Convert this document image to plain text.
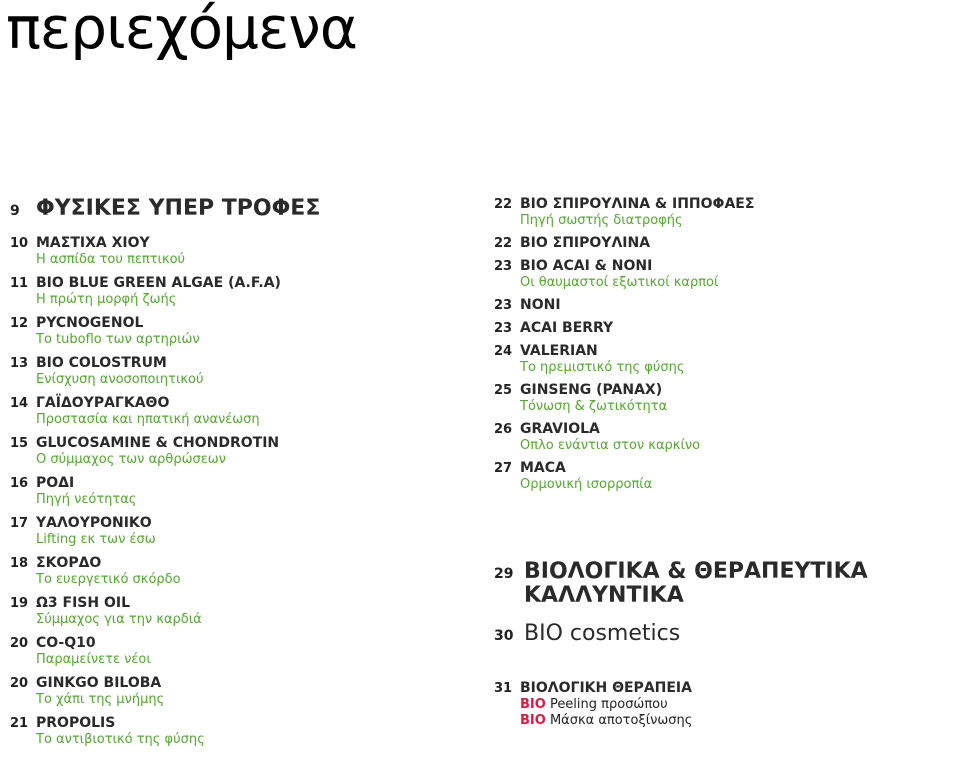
περιεχόμενα
9 ΦΥΣΙΚΕΣ ΥΠΕΡ ΤΡΟΦΕΣ
10 ΜΑΣΤΙΧΑ ΧΙΟΥ
Η ασπίδα του πεπτικού
11 BIO BLUE GREEN ALGAE (A.F.A)
Η πρώτη μορφή ζωής
12 PYCNOGENOL
Το tuboflo των αρτηριών
13 BIO COLOSTRUM
Ενίσχυση ανοσοποιητικού
14 ΓΑΪΔΟΥΡΑΓΚΑΘΟ
Προστασία και ηπατική ανανέωση
15 GLUCOSAMINE & CHONDROTIN
Ο σύμμαχος των αρθρώσεων
16 ΡΟΔΙ
Πηγή νεότητας
17 ΥΑΛΟΥΡΟΝΙΚΟ
Lifting εκ των έσω
18 ΣΚΟΡΔΟ
Το ευεργετικό σκόρδο
19 Ω3 FISH OIL
Σύμμαχος για την καρδιά
20 CO-Q10
Παραμείνετε νέοι
20 GINKGO BILOBA
Το χάπι της μνήμης
21 PROPOLIS
Το αντιβιοτικό της φύσης
22 BIO ΣΠΙΡΟΥΛΙΝΑ & ΙΠΠΟΦΑΕΣ
Πηγή σωστής διατροφής
22 BIO ΣΠΙΡΟΥΛΙΝΑ
23 BIO ACAI & NONI
Οι θαυμαστοί εξωτικοί καρποί
23 NONI
23 ACAI BERRY
24 VALERIAN
Το ηρεμιστικό της φύσης
25 GINSENG (PANAX)
Τόνωση & ζωτικότητα
26 GRAVIOLA
Οπλο ενάντια στον καρκίνο
27 MACA
Ορμονική ισορροπία
29 ΒΙΟΛΟΓΙΚΑ & ΘΕΡΑΠΕΥΤΙΚΑ
ΚΑΛΛΥΝΤΙΚΑ
30 BIO cosmetics
31 ΒΙΟΛΟΓΙΚΗ ΘΕΡΑΠΕΙΑ
BIO Peeling προσώπου
BIO Μάσκα αποτοξίνωσης
